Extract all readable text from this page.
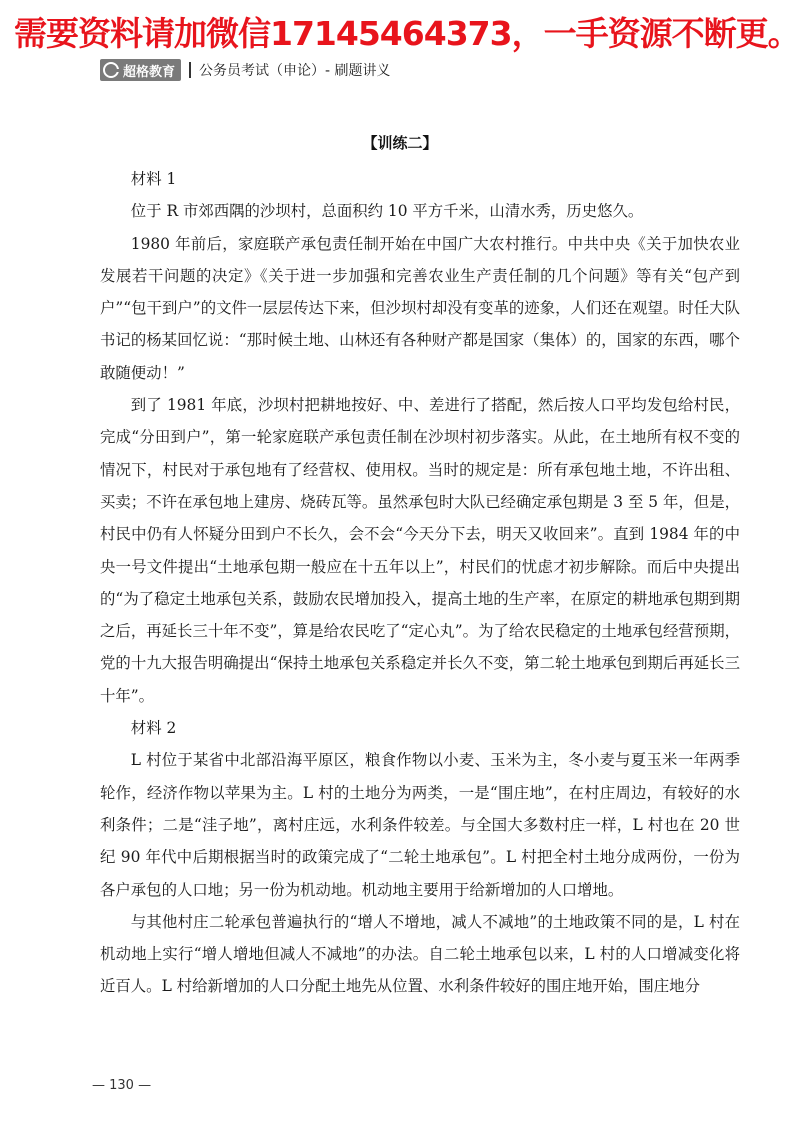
需要资料请加微信17145464373，一手资源不断更。
超格教育 公务员考试（申论）- 刷题讲义
【训练二】

材料 1

位于 R 市郊西隅的沙坝村，总面积约 10 平方千米，山清水秀，历史悠久。

1980 年前后，家庭联产承包责任制开始在中国广大农村推行。中共中央《关于加快农业发展若干问题的决定》《关于进一步加强和完善农业生产责任制的几个问题》等有关“包产到户”“包干到户”的文件一层层传达下来，但沙坝村却没有变革的迹象，人们还在观望。时任大队书记的杨某回忆说：“那时候土地、山林还有各种财产都是国家（集体）的，国家的东西，哪个敢随便动！”

到了 1981 年底，沙坝村把耕地按好、中、差进行了搭配，然后按人口平均发包给村民，完成“分田到户”，第一轮家庭联产承包责任制在沙坝村初步落实。从此，在土地所有权不变的情况下，村民对于承包地有了经营权、使用权。当时的规定是：所有承包地土地，不许出租、买卖；不许在承包地上建房、烧砖瓦等。虽然承包时大队已经确定承包期是 3 至 5 年，但是，村民中仍有人怀疑分田到户不长久，会不会“今天分下去，明天又收回来”。直到 1984 年的中央一号文件提出“土地承包期一般应在十五年以上”，村民们的忧虑才初步解除。而后中央提出的“为了稳定土地承包关系，鼓励农民增加投入，提高土地的生产率，在原定的耕地承包期到期之后，再延长三十年不变”，算是给农民吃了“定心丸”。为了给农民稳定的土地承包经营预期，党的十九大报告明确提出“保持土地承包关系稳定并长久不变，第二轮土地承包到期后再延长三十年”。

材料 2

L 村位于某省中北部沿海平原区，粮食作物以小麦、玉米为主，冬小麦与夏玉米一年两季轮作，经济作物以苹果为主。L 村的土地分为两类，一是“围庄地”，在村庄周边，有较好的水利条件；二是“洼子地”，离村庄远，水利条件较差。与全国大多数村庄一样，L 村也在 20 世纪 90 年代中后期根据当时的政策完成了“二轮土地承包”。L 村把全村土地分成两份，一份为各户承包的人口地；另一份为机动地。机动地主要用于给新增加的人口增地。

与其他村庄二轮承包普遍执行的“增人不增地，减人不减地”的土地政策不同的是，L 村在机动地上实行“增人增地但减人不减地”的办法。自二轮土地承包以来，L 村的人口增减变化将近百人。L 村给新增加的人口分配土地先从位置、水利条件较好的围庄地开始，围庄地分

— 130 —
